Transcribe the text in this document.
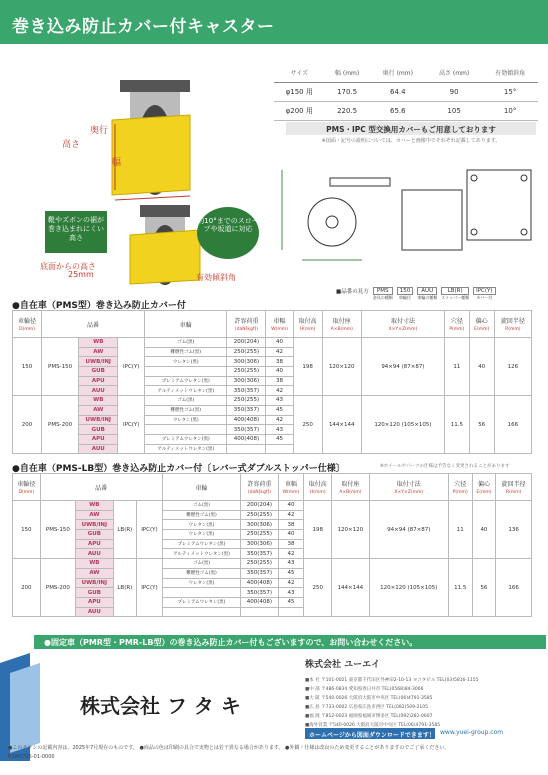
巻き込み防止カバー付キャスター
サイズ	幅 (mm)	奥行 (mm)	高さ (mm)	有効傾斜角
φ150 用	170.5	64.4	90	15°
φ200 用	220.5	65.6	105	10°
PMS・IPC 型交換用カバーもご用意しております
※図面・記号の説明については、カバーと画像中でそれぞれ記載してあります。
高さ
奥行
幅
靴やズボンの裾が巻き込まれにくい高さ
約10°までのスロープや坂道に対応
底面からの高さ
25mm	有効傾斜角
■品番の見方	PMS
金具の種類
150
車輪径
AUU
車輪の種類
LB(R)
ストッパー種類
IPC(Y)
カバー付
●自在車（PMS型）巻き込み防止カバー付
車輪径
D(mm)	品番			車輪	許容荷重
(daN[kgf])	車幅
W(mm)	取付高
H(mm)	取付座
A×B(mm)	取付寸法
X×Y×Z(mm)	穴径
P(mm)	偏心
E(mm)	旋回半径
R(mm)
150	PMS-150	WB	IPC(Y)	ゴム(黒)	200(204)	40	198	120×120	94×94 (87×87)	11	40	126
		AW		難燃性ゴム(黒)	250(255)	42						
		UWB/INJ		ウレタン(黒)	300(306)	38						
		GUB			250(255)	40						
		APU		プレミアムウレタン(黒)	300(306)	38						
		AUU		アルティメットウレタン(黒)	350(357)	42						
200	PMS-200	WB	IPC(Y)	ゴム(黒)	250(255)	43	250	144×144	120×120 (105×105)	11.5	56	166
		AW		難燃性ゴム(黒)	350(357)	45						
		UWB/INJ		ウレタン(黒)	400(408)	42						
		GUB			350(357)	43						
		APU		プレミアムウレタン(黒)	400(408)	45						
		AUU		アルティメットウレタン(黒)								
●自在車（PMS-LB型）巻き込み防止カバー付〔レバー式ダブルストッパー仕様〕	※ホイールやパーツの仕様は予告なく変更されることがあります
車輪径
D(mm)	品番				車輪	許容荷重
(daN[kgf])	車幅
W(mm)	取付高
H(mm)	取付座
A×B(mm)	取付寸法
X×Y×Z(mm)	穴径
P(mm)	偏心
E(mm)	旋回半径
R(mm)
150	PMS-150	WB	LB(R)	IPC(Y)	ゴム(黒)	200(204)	40	198	120×120	94×94 (87×87)	11	40	136
		AW			難燃性ゴム(黒)	250(255)	42						
		UWB/INJ			ウレタン(黒)	300(306)	38						
		GUB			ウレタン(黒)	250(255)	40						
		APU			プレミアムウレタン(黒)	300(306)	38						
		AUU			アルティメットウレタン(黒)	350(357)	42						
200	PMS-200	WB	LB(R)	IPC(Y)	ゴム(黒)	250(255)	43	250	144×144	120×120 (105×105)	11.5	56	166
		AW			難燃性ゴム(黒)	350(357)	45						
		UWB/INJ			ウレタン(黒)	400(408)	42						
		GUB				350(357)	43						
		APU			プレミアムウレタン(黒)	400(408)	45						
		AUU											
●固定車（PMR型・PMR-LB型）の巻き込み防止カバー付もございますので、お問い合わせください。
株式会社 フ タ キ
株式会社 ユーエイ
■本 社 〒101-0021 東京都千代田区外神田2-10-13 ヨコタビル TEL(03)5816-1155
■中 部 〒486-0834 愛知県春日井市 TEL(0568)84-3066
■大 阪 〒540-0026 大阪府大阪市中央区 TEL(06)4791-3585
■広 島 〒733-0002 広島県広島市西区 TEL(082)509-2105
■福 岡 〒812-0023 福岡県福岡市博多区 TEL(092)281-0607
■海外営業 〒540-0026 大阪府大阪市中央区 TEL(06)4791-3585
ホームページから図面ダウンロードできます！ www.yuei-group.com
●このチラシの記載内容は、2025年7月現在のものです。 ●商品の色は印刷の具合で実物とは若干異なる場合があります。 ●外観・仕様は改良のため変更することがありますのでご了承ください。
RSIP0725-01-0000
